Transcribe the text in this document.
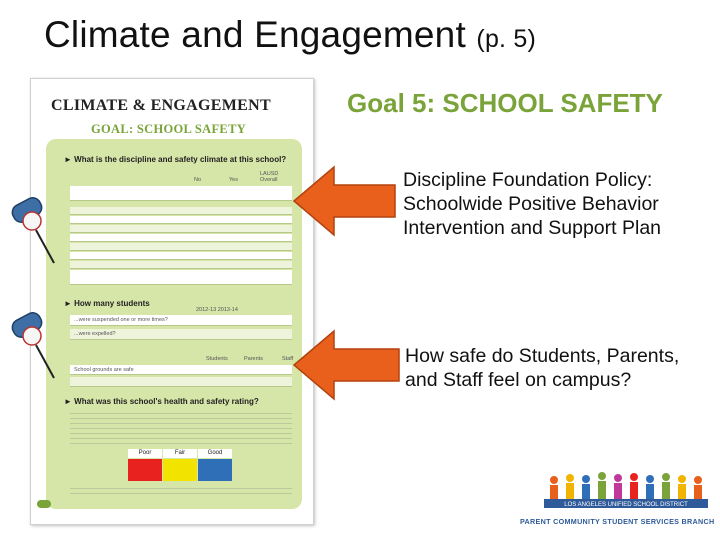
Climate and Engagement (p. 5)
CLIMATE & ENGAGEMENT
GOAL: SCHOOL SAFETY
► What is the discipline and safety climate at this school?
No	Yes
LAUSD Overall
► How many students
2012-13 2013-14
...were suspended one or more times?
...were expelled?
Students	Parents	Staff
School grounds are safe
► What was this school's health and safety rating?
Poor	Fair	Good
Goal 5: SCHOOL SAFETY
Discipline Foundation Policy: Schoolwide Positive Behavior Intervention and Support Plan
How safe do Students, Parents, and Staff feel on campus?
LOS ANGELES UNIFIED SCHOOL DISTRICT
PARENT COMMUNITY STUDENT SERVICES BRANCH
